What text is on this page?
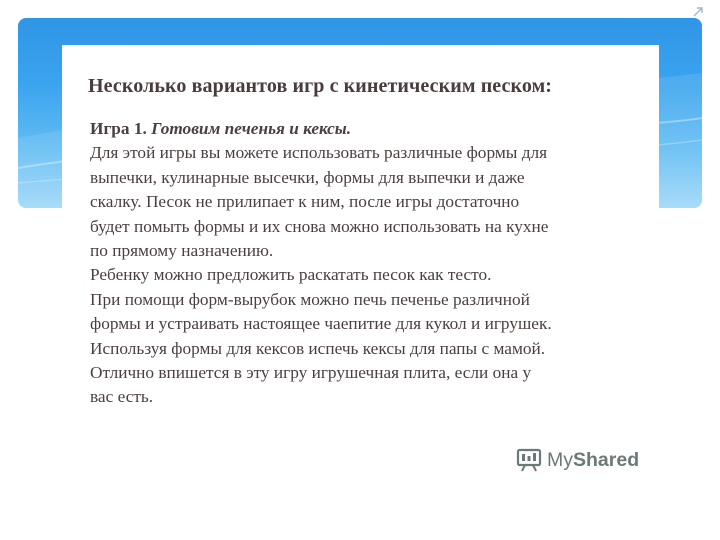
Несколько вариантов игр с кинетическим песком:

Игра 1. Готовим печенья и кексы.

Для этой игры вы можете использовать различные формы для

выпечки, кулинарные высечки, формы для выпечки и даже

скалку. Песок не прилипает к ним, после игры достаточно

будет помыть формы и их снова можно использовать на кухне

по прямому назначению.

Ребенку можно предложить раскатать песок как тесто.

При помощи форм-вырубок можно печь печенье различной

формы и устраивать настоящее чаепитие для кукол и игрушек.

Используя формы для кексов испечь кексы для папы с мамой.

Отлично впишется в эту игру игрушечная плита, если она у

вас есть.

MyShared
